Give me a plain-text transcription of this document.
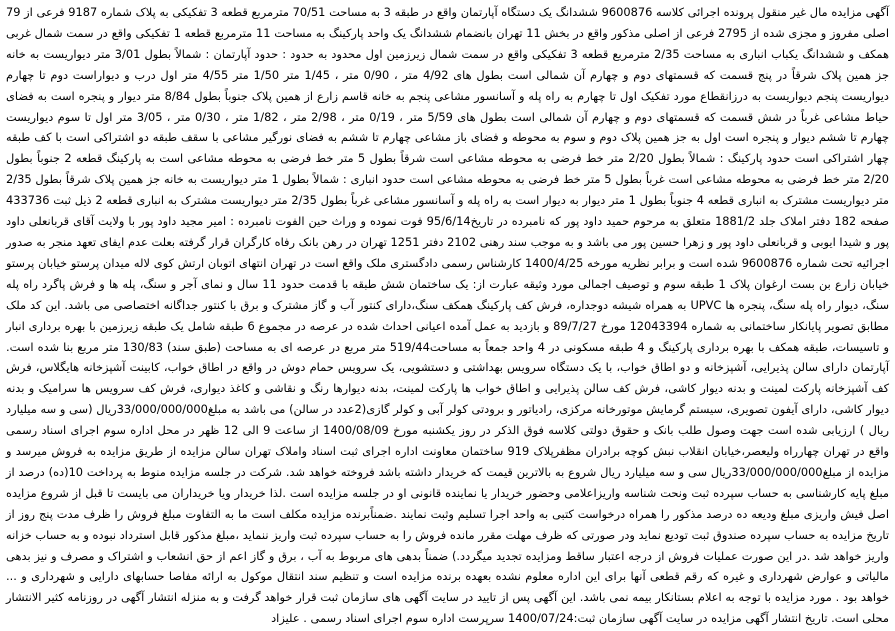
آگهی مزایده مال غیر منقول پرونده اجرائی کلاسه 9600876 ششدانگ یک دستگاه آپارتمان واقع در طبقه 3 به مساحت 70/51 مترمربع قطعه 3 تفکیکی به پلاک شماره 9187 فرعی از 79 اصلی مفروز و مجزی شده از 2795 فرعی از اصلی مذکور واقع در بخش 11 تهران بانضمام ششدانگ یک واحد پارکینگ به مساحت 11 مترمربع قطعه 1 تفکیکی واقع در سمت شمال غربی همکف و ششدانگ یکباب انباری به مساحت 2/35 مترمربع قطعه 3 تفکیکی واقع در سمت شمال زیرزمین اول محدود به حدود : حدود آپارتمان : شمالاً بطول 3/01 متر دیواریست به خانه جز همین پلاک شرقاً در پنج قسمت که قسمتهای دوم و چهارم آن شمالی است بطول های 4/92 متر ، 0/90 متر ، 1/45 متر 1/50 متر 4/55 متر اول درب و دیواراست دوم تا چهارم دیواریست پنجم دیواریست به درزانقطاع مورد تفکیک اول تا چهارم به راه پله و آسانسور مشاعی پنجم به خانه قاسم زارع از همین پلاک جنوباً بطول 8/84 متر دیوار و پنجره است به فضای حیاط مشاعی غرباً در شش قسمت که قسمتهای دوم و چهارم آن شمالی است بطول های 5/59 متر ، 0/19 متر ، 2/98 متر ، 1/82 متر ، 0/30 متر ، 3/05 متر اول تا سوم دیواریست چهارم تا ششم دیوار و پنجره است اول به جز همین پلاک دوم و سوم به محوطه و فضای باز مشاعی چهارم تا ششم به فضای نورگیر مشاعی با سقف طبقه دو اشتراکی است با کف طبقه چهار اشتراکی است حدود پارکینگ : شمالاً بطول 2/20 متر خط فرضی به محوطه مشاعی است شرقاً بطول 5 متر خط فرضی به محوطه مشاعی است به پارکینگ قطعه 2 جنوباً بطول 2/20 متر خط فرضی به محوطه مشاعی است غرباً بطول 5 متر خط فرضی به محوطه مشاعی است حدود انباری : شمالاً بطول 1 متر دیواریست به خانه جز همین پلاک شرقاً بطول 2/35 متر دیواریست مشترک به انباری قطعه 4 جنوباً بطول 1 متر دیوار به دیوار است به راه پله و آسانسور مشاعی غرباً بطول 2/35 متر دیواریست مشترک به انباری قطعه 2 ذیل ثبت 433736 صفحه 182 دفتر املاک جلد 1881/2 متعلق به مرحوم حمید داود پور که نامبرده در تاریخ95/6/14 فوت نموده و وراث حین الفوت نامبرده : امیر مجید داود پور با ولایت آقای قربانعلی داود پور و شیدا ایوبی و قربانعلی داود پور و زهرا حسین پور می باشد و به موجب سند رهنی 2102 دفتر 1251 تهران در رهن بانک رفاه کارگران قرار گرفته بعلت عدم ایفای تعهد منجر به صدور اجرائیه تحت شماره 9600876 شده است و برابر نظریه مورخه 1400/4/25 کارشناس رسمی دادگستری ملک واقع است در تهران انتهای اتوبان ارتش کوی لاله میدان پرستو خیابان پرستو خیابان زارع بن بست ارغوان پلاک 1 طبقه سوم و توصیف اجمالی مورد وثیقه عبارت از: یک ساختمان شش طبقه با قدمت حدود 11 سال و نمای آجر و سنگ، پله ها و فرش پاگرد راه پله سنگ، دیوار راه پله سنگ، پنجره ها UPVC به همراه شیشه دوجداره، فرش کف پارکینگ همکف سنگ،دارای کنتور آب و گاز مشترک و برق با کنتور جداگانه اختصاصی می باشد. این کد ملک مطابق تصویر پایانکار ساختمانی به شماره 12043394 مورخ 89/7/27 و بازدید به عمل آمده اعیانی احداث شده در عرصه در مجموع 6 طبقه شامل یک طبقه زیرزمین با بهره برداری انبار و تاسیسات، طبقه همکف با بهره برداری پارکینگ و 4 طبقه مسکونی در 4 واحد جمعاً به مساحت519/44 متر مربع در عرصه ای به مساحت (طبق سند) 130/83 متر مربع بنا شده است. آپارتمان دارای سالن پذیرایی، آشپزخانه و دو اطاق خواب، با یک دستگاه سرویس بهداشتی و دستشویی، یک سرویس حمام دوش در واقع در اطاق خواب، کابینت آشپزخانه هایگلاس، فرش کف آشپزخانه پارکت لمینت و بدنه دیوار کاشی، فرش کف سالن پذیرایی و اطاق خواب ها پارکت لمینت، بدنه دیوارها رنگ و نقاشی و کاغذ دیواری، فرش کف سرویس ها سرامیک و بدنه دیوار کاشی، دارای آیفون تصویری، سیستم گرمایش موتورخانه مرکزی، رادیاتور و برودتی کولر آبی و کولر گازی(2عدد در سالن) می باشد به مبلغ33/000/000/000ریال (سی و سه میلیارد ریال ) ارزیابی شده است جهت وصول طلب بانک و حقوق دولتی کلاسه فوق الذکر در روز یکشنبه مورخ 1400/08/09 از ساعت 9 الی 12 ظهر در محل اداره سوم اجرای اسناد رسمی واقع در تهران چهارراه ولیعصر،خیابان انقلاب نبش کوچه برادران مظفرپلاک 919 ساختمان معاونت اداره اجرای ثبت اسناد واملاک تهران سالن مزایده از طریق مزایده به فروش میرسد و مزایده از مبلغ33/000/000/000ریال سی و سه میلیارد ریال شروع به بالاترین قیمت که خریدار داشته باشد فروخته خواهد شد. شرکت در جلسه مزایده منوط به پرداخت 10(ده) درصد از مبلغ پایه کارشناسی به حساب سپرده ثبت ونحت شناسه واریزاعلامی وحضور خریدار یا نماینده قانونی او در جلسه مزایده است .لذا خریدار ویا خریداران می بایست تا قبل از شروع مزایده اصل فیش واریزی مبلغ ودیعه ده درصد مذکور را همراه درخواست کتبی به واحد اجرا تسلیم وثبت نمایند .ضمناًبرنده مزایده مکلف است ما به التفاوت مبلغ فروش را ظرف مدت پنج روز از تاریخ مزایده به حساب سپرده صندوق ثبت تودیع نماید ودر صورتی که ظرف مهلت مقرر مانده فروش را به حساب سپرده ثبت واریز ننماید ،مبلغ مذکور قابل استرداد نبوده و به حساب خزانه واریز خواهد شد .در این صورت عملیات فروش از درجه اعتبار ساقط ومزایده تجدید میگردد.) ضمناً بدهی های مربوط به آب ، برق و گاز اعم از حق انشعاب و اشتراک و مصرف و نیز بدهی مالیاتی و عوارض شهرداری و غیره که رقم قطعی آنها برای این اداره معلوم نشده بعهده برنده مزایده است و تنظیم سند انتقال موکول به ارائه مفاصا حسابهای دارایی و شهرداری و ... خواهد بود . مورد مزایده با توجه به اعلام بستانکار بیمه نمی باشد. این آگهی پس از تایید در سایت آگهی های سازمان ثبت قرار خواهد گرفت و به منزله انتشار آگهی در روزنامه کثیر الانتشار محلی است. تاریخ انتشار آگهی مزایده در سایت آگهی سازمان ثبت:1400/07/24 سرپرست اداره سوم اجرای اسناد رسمی . علیزاد
